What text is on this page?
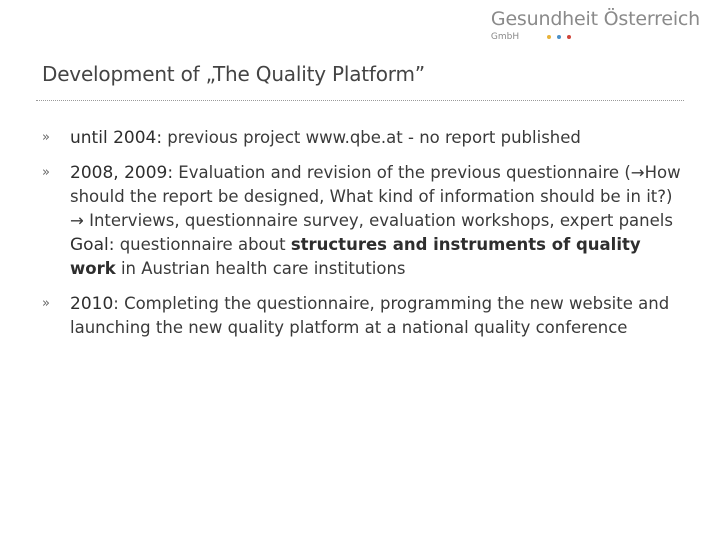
Gesundheit Österreich
GmbH
Development of „The Quality Platform”
» until 2004: previous project www.qbe.at - no report published
» 2008, 2009: Evaluation and revision of the previous questionnaire (→How should the report be designed, What kind of information should be in it?)
→ Interviews, questionnaire survey, evaluation workshops, expert panels
Goal: questionnaire about structures and instruments of quality work in Austrian health care institutions
» 2010: Completing the questionnaire, programming the new website and launching the new quality platform at a national quality conference
